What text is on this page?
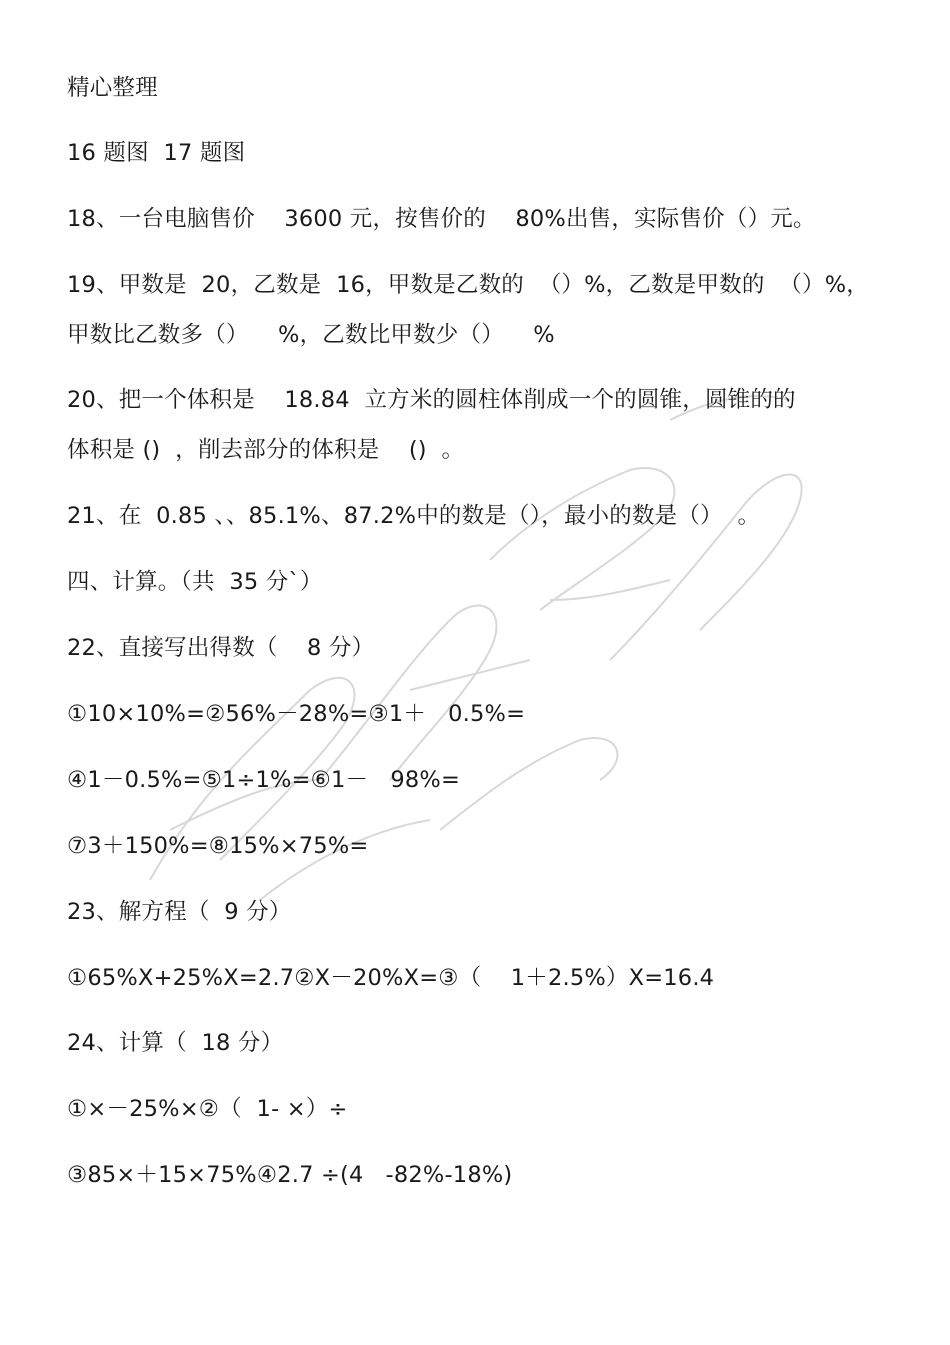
精心整理
16 题图  17 题图
18、一台电脑售价    3600 元，按售价的    80%出售，实际售价（）元。
19、甲数是  20，乙数是  16，甲数是乙数的  （）%，乙数是甲数的  （）%，
甲数比乙数多（）    %，乙数比甲数少（）    %
20、把一个体积是    18.84  立方米的圆柱体削成一个的圆锥，圆锥的的
体积是 ()  ，削去部分的体积是    ()  。
21、在  0.85 、、85.1%、87.2%中的数是（），最小的数是（）  。
四、计算。（共  35 分`）
22、直接写出得数（    8 分）
①10×10%=②56%－28%=③1＋   0.5%=
④1－0.5%=⑤1÷1%=⑥1－   98%=
⑦3＋150%=⑧15%×75%=
23、解方程（  9 分）
①65%X+25%X=2.7②X－20%X=③（    1＋2.5%）X=16.4
24、计算（  18 分）
①×－25%×②（  1- ×）÷
③85×＋15×75%④2.7 ÷(4   -82%-18%)
